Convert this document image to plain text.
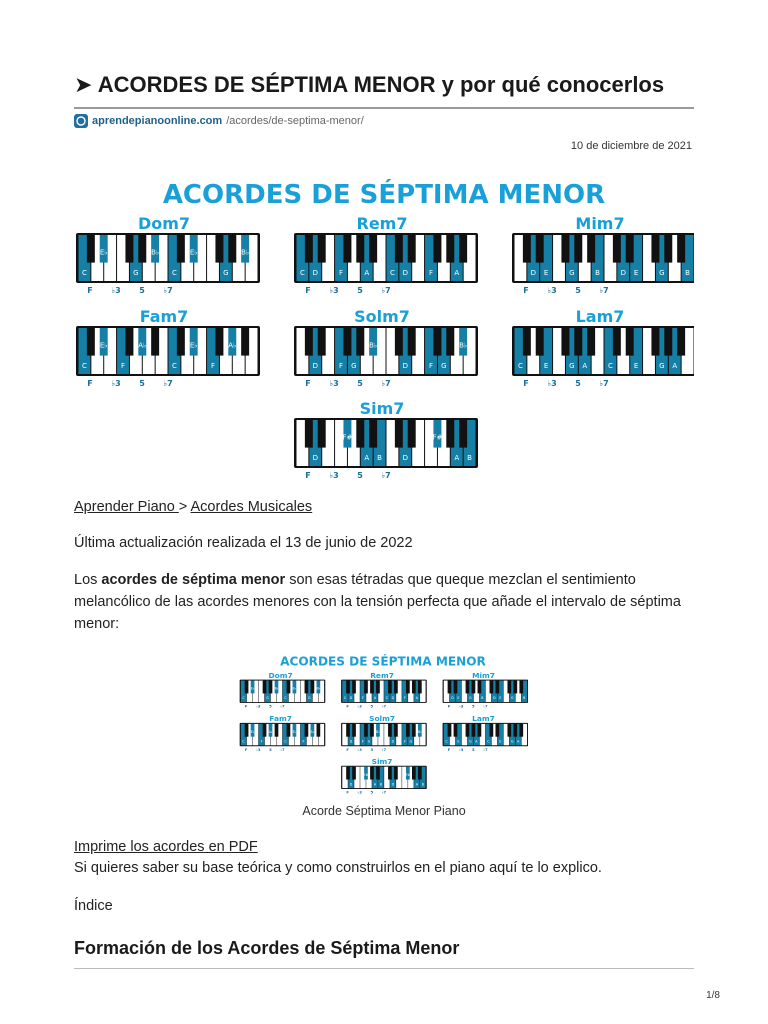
➤ ACORDES DE SÉPTIMA MENOR y por qué conocerlos
aprendepianoonline.com /acordes/de-septima-menor/
10 de diciembre de 2021
ACORDES DE SÉPTIMA MENOR
Dom7
E♭	B♭	E♭	B♭
C	G	C	G
F ♭3 5 ♭7
Rem7
C D	F	A	C D	F	A
F ♭3 5 ♭7
Mim7
D E	G	B	D E	G	B
F ♭3 5 ♭7
Fam7
E♭	A♭	E♭	A♭
C	F	C	F
F ♭3 5 ♭7
Solm7
B♭	B♭
D	F G	D	F G
F ♭3 5 ♭7
Lam7
C	E	G A	C	E	G A
F ♭3 5 ♭7
Sim7
F#	F#
D	A B	D	A B
F ♭3 5 ♭7

Aprender Piano > Acordes Musicales

Última actualización realizada el 13 de junio de 2022

Los acordes de séptima menor son esas tétradas que queque mezclan el sentimiento melancólico de las acordes menores con la tensión perfecta que añade el intervalo de séptima menor:

ACORDES DE SÉPTIMA MENOR
Dom7
E♭	B♭ E♭	B♭
C	G C	G
F ♭3 5 ♭7
Rem7
C D F A C D F A
F ♭3 5 ♭7
Mim7
D E G B D E G B
F ♭3 5 ♭7
Fam7
E♭ A♭	E♭ A♭
C F	C F
F ♭3 5 ♭7
Solm7
B♭	B♭
D F G	D F G
F ♭3 5 ♭7
Lam7
C E G A C E G A
F ♭3 5 ♭7
Sim7
F#	F#
D	A B D	A B
F ♭3 5 ♭7
Acorde Séptima Menor Piano

Imprime los acordes en PDF

Si quieres saber su base teórica y como construirlos en el piano aquí te lo explico.

Índice

Formación de los Acordes de Séptima Menor
1/8
